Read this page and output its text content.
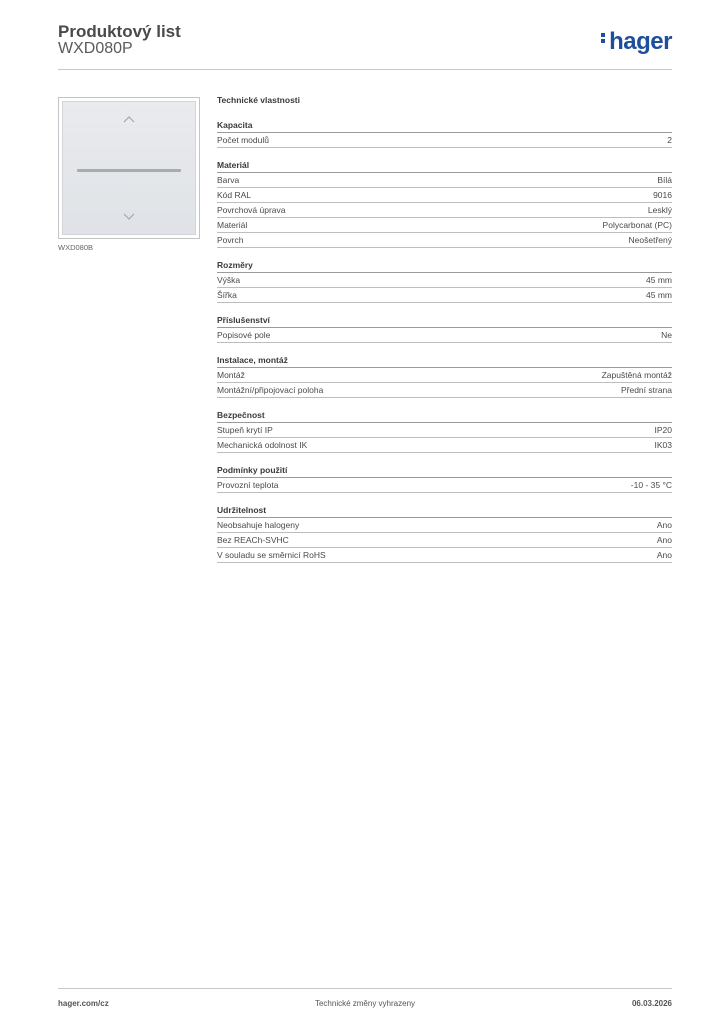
Produktový list
WXD080P	hager
WXD080B
Technické vlastnosti
Kapacita
Počet modulů	2
Materiál
Barva	Bílá
Kód RAL	9016
Povrchová úprava	Lesklý
Materiál	Polycarbonat (PC)
Povrch	Neošetřený
Rozměry
Výška	45 mm
Šířka	45 mm
Příslušenství
Popisové pole	Ne
Instalace, montáž
Montáž	Zapuštěná montáž
Montážní/připojovací poloha	Přední strana
Bezpečnost
Stupeň krytí IP	IP20
Mechanická odolnost IK	IK03
Podmínky použití
Provozní teplota	-10 - 35 °C
Udržitelnost
Neobsahuje halogeny	Ano
Bez REACh-SVHC	Ano
V souladu se směrnicí RoHS	Ano
hager.com/cz	Technické změny vyhrazeny	06.03.2026
